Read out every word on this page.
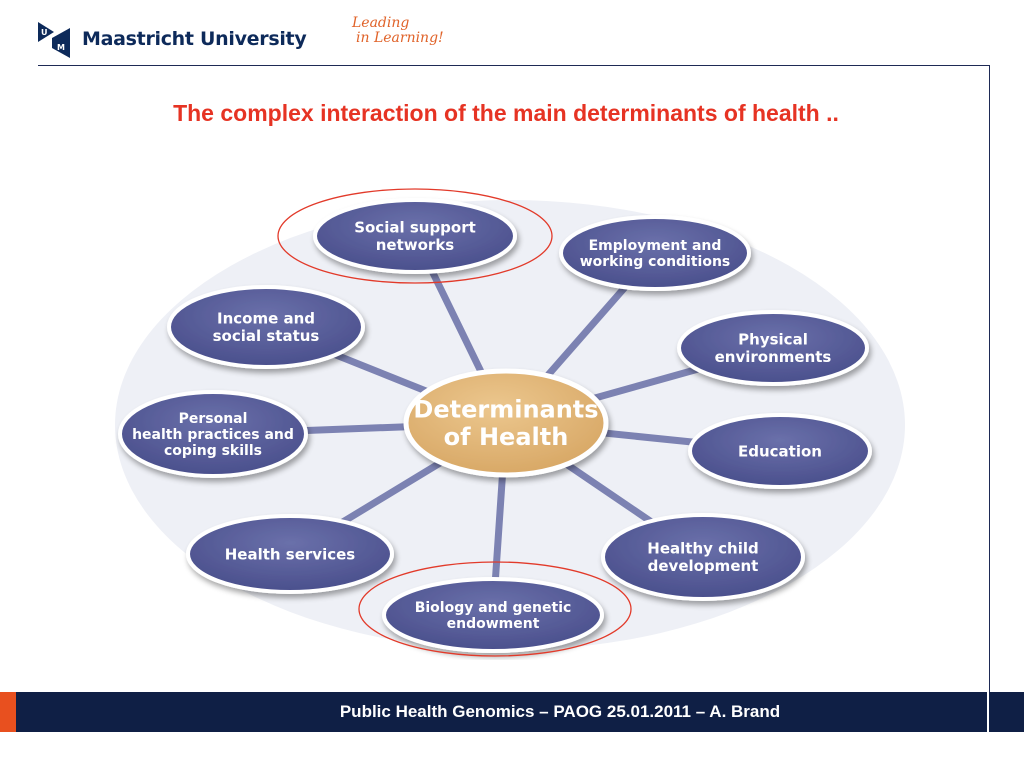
U
M Maastricht University
Leading
in Learning!
The complex interaction of the main determinants of health ..
Social support
networks	Employment and
working conditions
Physical
environments
Education
Healthy child
development
Biology and genetic
endowment
Health services
Personal
health practices and
coping skills
Income and
social status
Determinants
of Health
Public Health Genomics – PAOG 25.01.2011 – A. Brand
